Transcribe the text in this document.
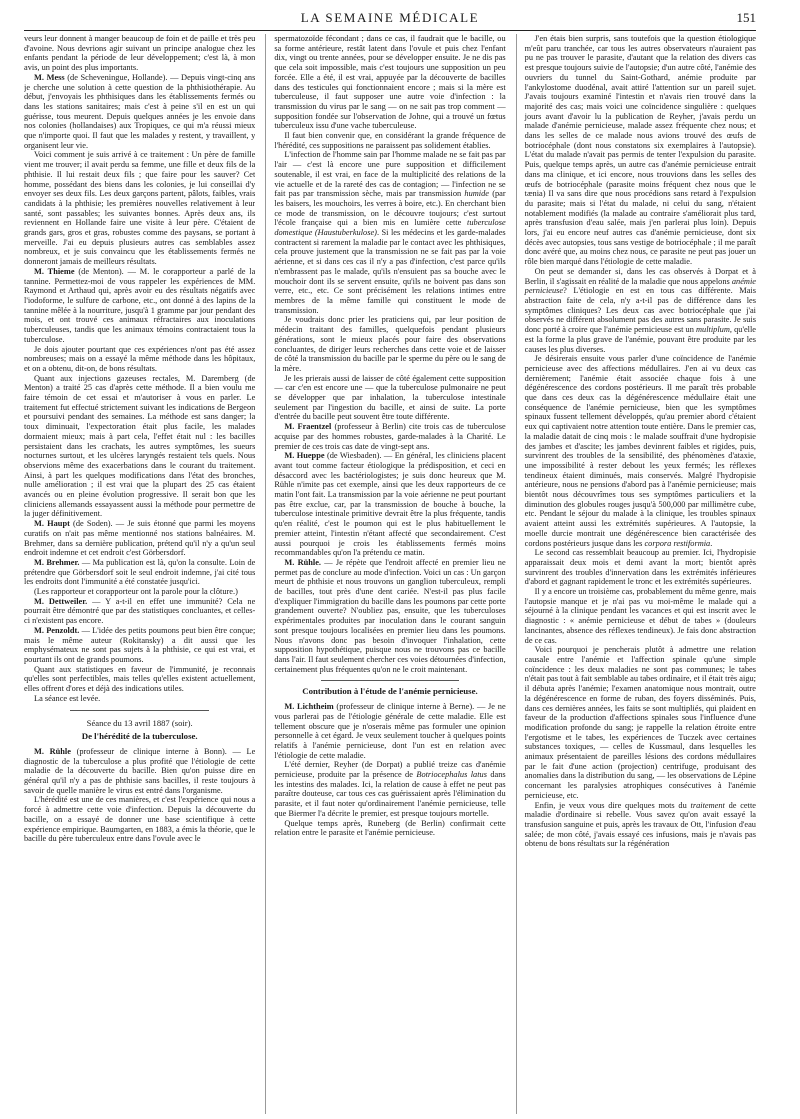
LA SEMAINE MÉDICALE	151

veurs leur donnent à manger beaucoup de foin et de paille et très peu d'avoine. Nous devrions agir suivant un principe analogue chez les enfants pendant la période de leur développement; c'est là, à mon avis, un point des plus importants.

M. Mess (de Scheveningue, Hollande). — Depuis vingt-cinq ans je cherche une solution à cette question de la phthisiothérapie. Au début, j'envoyais les phthisiques dans les établissements fermés ou dans les stations sanitaires; mais c'est à peine s'il en est un qui guérisse, tous meurent. Depuis quelques années je les envoie dans nos colonies (hollandaises) aux Tropiques, ce qui m'a réussi mieux que n'importe quoi. Il faut que les malades y restent, y travaillent, y organisent leur vie.

Voici comment je suis arrivé à ce traitement : Un père de famille vient me trouver; il avait perdu sa femme, une fille et deux fils de la phthisie. Il lui restait deux fils ; que faire pour les sauver? Cet homme, possédant des biens dans les colonies, je lui conseillai d'y envoyer ses deux fils. Les deux garçons partent, pâlots, faibles, vrais candidats à la phthisie; les premières nouvelles relativement à leur santé, sont passables; les suivantes bonnes. Après deux ans, ils reviennent en Hollande faire une visite à leur père. C'étaient de grands gars, gros et gras, robustes comme des paysans, se portant à merveille. J'ai eu depuis plusieurs autres cas semblables assez nombreux, et je suis convaincu que les établissements fermés ne donneront jamais de meilleurs résultats.

M. Thieme (de Menton). — M. le corapporteur a parlé de la tannine. Permettez-moi de vous rappeler les expériences de MM. Raymond et Arthaud qui, après avoir eu des résultats négatifs avec l'iodoforme, le sulfure de carbone, etc., ont donné à des lapins de la tannine mêlée à la nourriture, jusqu'à 1 gramme par jour pendant des mois, et ont trouvé ces animaux réfractaires aux inoculations tuberculeuses, tandis que les animaux témoins contractaient tous la tuberculose.

Je dois ajouter pourtant que ces expériences n'ont pas été assez nombreuses; mais on a essayé la même méthode dans les hôpitaux, et on a obtenu, dit-on, de bons résultats.

Quant aux injections gazeuses rectales, M. Daremberg (de Menton) a traité 25 cas d'après cette méthode. Il a bien voulu me faire témoin de cet essai et m'autoriser à vous en parler. Le traitement fut effectué strictement suivant les indications de Bergeon et poursuivi pendant des semaines. La méthode est sans danger; la toux diminuait, l'expectoration était plus facile, les malades dormaient mieux; mais à part cela, l'effet était nul : les bacilles persistaient dans les crachats, les autres symptômes, les sueurs nocturnes surtout, et les ulcères laryngés restaient tels quels. Nous observions même des exacerbations dans le courant du traitement. Ainsi, à part les quelques modifications dans l'état des bronches, nulle amélioration ; il est vrai que la plupart des 25 cas étaient avancés ou en pleine évolution progressive. Il serait bon que les cliniciens allemands essayassent aussi la méthode pour permettre de la juger définitivement.

M. Haupt (de Soden). — Je suis étonné que parmi les moyens curatifs on n'ait pas même mentionné nos stations balnéaires. M. Brehmer, dans sa dernière publication, prétend qu'il n'y a qu'un seul endroit indemne et cet endroit c'est Görbersdorf.

M. Brehmer. — Ma publication est là, qu'on la consulte. Loin de prétendre que Görbersdorf soit le seul endroit indemne, j'ai cité tous les endroits dont l'immunité a été constatée jusqu'ici.

(Les rapporteur et corapporteur ont la parole pour la clôture.)

M. Dettweiler. — Y a-t-il en effet une immunité? Cela ne pourrait être démontré que par des statistiques concluantes, et celles-ci n'existent pas encore.

M. Penzoldt. — L'idée des petits poumons peut bien être conçue; mais le même auteur (Rokitansky) a dit aussi que les emphysémateux ne sont pas sujets à la phthisie, ce qui est vrai, et pourtant ils ont de grands poumons.

Quant aux statistiques en faveur de l'immunité, je reconnais qu'elles sont perfectibles, mais telles qu'elles existent actuellement, elles offrent d'ores et déjà des indications utiles.

La séance est levée.

Séance du 13 avril 1887 (soir).
De l'hérédité de la tuberculose.

M. Rühle (professeur de clinique interne à Bonn). — Le diagnostic de la tuberculose a plus profité que l'étiologie de cette maladie de la découverte du bacille. Bien qu'on puisse dire en général qu'il n'y a pas de phthisie sans bacilles, il reste toujours à savoir de quelle manière le virus est entré dans l'organisme.

L'hérédité est une de ces manières, et c'est l'expérience qui nous a forcé à admettre cette voie d'infection. Depuis la découverte du bacille, on a essayé de donner une base scientifique à cette expérience empirique. Baumgarten, en 1883, a émis la théorie, que le bacille du père tuberculeux entre dans l'ovule avec le

spermatozoïde fécondant ; dans ce cas, il faudrait que le bacille, ou sa forme antérieure, restât latent dans l'ovule et puis chez l'enfant dix, vingt ou trente années, pour se développer ensuite. Je ne dis pas que cela soit impossible, mais c'est toujours une supposition un peu forcée. Elle a été, il est vrai, appuyée par la découverte de bacilles dans des testicules qui fonctionnaient encore ; mais si la mère est tuberculeuse, il faut supposer une autre voie d'infection : la transmission du virus par le sang — on ne sait pas trop comment — supposition fondée sur l'observation de Johne, qui a trouvé un fœtus tuberculeux issu d'une vache tuberculeuse.

Il faut bien convenir que, en considérant la grande fréquence de l'hérédité, ces suppositions ne paraissent pas solidement établies.

L'infection de l'homme sain par l'homme malade ne se fait pas par l'air — c'est là encore une pure supposition et difficilement soutenable, il est vrai, en face de la multiplicité des relations de la vie actuelle et de la rareté des cas de contagion; — l'infection ne se fait pas par transmission sèche, mais par transmission humide (par les baisers, les mouchoirs, les verres à boire, etc.). En cherchant bien ce mode de transmission, on le découvre toujours; c'est surtout l'école française qui a bien mis en lumière cette tuberculose domestique (Haustuberkulose). Si les médecins et les garde-malades contractent si rarement la maladie par le contact avec les phthisiques, cela prouve justement que la transmission ne se fait pas par la voie aérienne, et si dans ces cas il n'y a pas d'infection, c'est parce qu'ils n'embrassent pas le malade, qu'ils n'ensuient pas sa bouche avec le mouchoir dont ils se servent ensuite, qu'ils ne boivent pas dans son verre, etc., etc. Ce sont précisément les relations intimes entre membres de la même famille qui constituent le mode de transmission.

Je voudrais donc prier les praticiens qui, par leur position de médecin traitant des familles, quelquefois pendant plusieurs générations, sont le mieux placés pour faire des observations concluantes, de diriger leurs recherches dans cette voie et de laisser de côté la transmission du bacille par le sperme du père ou le sang de la mère.

Je les prierais aussi de laisser de côté également cette supposition — car c'en est encore une — que la tuberculose pulmonaire ne peut se développer que par inhalation, la tuberculose intestinale seulement par l'ingestion du bacille, et ainsi de suite. La porte d'entrée du bacille peut souvent être toute différente.

M. Fraentzel (professeur à Berlin) cite trois cas de tuberculose acquise par des hommes robustes, garde-malades à la Charité. Le premier de ces trois cas date de vingt-sept ans.

M. Hueppe (de Wiesbaden). — En général, les cliniciens placent avant tout comme facteur étiologique la prédisposition, et ceci en désaccord avec les bactériologistes; je suis donc heureux que M. Rühle n'imite pas cet exemple, ainsi que les deux rapporteurs de ce matin l'ont fait. La transmission par la voie aérienne ne peut pourtant pas être exclue, car, par la transmission de bouche à bouche, la tuberculose intestinale primitive devrait être la plus fréquente, tandis qu'en réalité, c'est le poumon qui est le plus habituellement le premier atteint, l'intestin n'étant affecté que secondairement. C'est aussi pourquoi je crois les établissements fermés moins recommandables qu'on l'a prétendu ce matin.

M. Rühle. — Je répète que l'endroit affecté en premier lieu ne permet pas de conclure au mode d'infection. Voici un cas : Un garçon meurt de phthisie et nous trouvons un ganglion tuberculeux, rempli de bacilles, tout près d'une dent cariée. N'est-il pas plus facile d'expliquer l'immigration du bacille dans les poumons par cette porte grandement ouverte? N'oubliez pas, ensuite, que les tuberculoses expérimentales produites par inoculation dans le courant sanguin sont presque toujours localisées en premier lieu dans les poumons. Nous n'avons donc pas besoin d'invoquer l'inhalation, cette supposition hypothétique, puisque nous ne trouvons pas ce bacille dans l'air. Il faut seulement chercher ces voies détournées d'infection, certainement plus fréquentes qu'on ne le croit maintenant.

Contribution à l'étude de l'anémie pernicieuse.

M. Lichtheim (professeur de clinique interne à Berne). — Je ne vous parlerai pas de l'étiologie générale de cette maladie. Elle est tellement obscure que je n'oserais même pas formuler une opinion personnelle à cet égard. Je veux seulement toucher à quelques points relatifs à l'anémie pernicieuse, dont l'un est en relation avec l'étiologie de cette maladie.

L'été dernier, Reyher (de Dorpat) a publié treize cas d'anémie pernicieuse, produite par la présence de Botriocephalus latus dans les intestins des malades. Ici, la relation de cause à effet ne peut pas paraître douteuse, car tous ces cas guérissaient après l'élimination du parasite, et il faut noter qu'ordinairement l'anémie pernicieuse, telle que Biermer l'a décrite le premier, est presque toujours mortelle.

Quelque temps après, Runeberg (de Berlin) confirmait cette relation entre le parasite et l'anémie pernicieuse.

J'en étais bien surpris, sans toutefois que la question étiologique m'eût paru tranchée, car tous les autres observateurs n'auraient pas pu ne pas trouver le parasite, d'autant que la relation des divers cas est presque toujours suivie de l'autopsie; d'un autre côté, l'anémie des ouvriers du tunnel du Saint-Gothard, anémie produite par l'ankylostome duodénal, avait attiré l'attention sur un pareil sujet. J'avais toujours examiné l'intestin et n'avais rien trouvé dans la majorité des cas; mais voici une coïncidence singulière : quelques jours avant d'avoir lu la publication de Reyher, j'avais perdu un malade d'anémie pernicieuse, malade assez fréquente chez nous; et dans les selles de ce malade nous avions trouvé des œufs de botriocéphale (dont nous constatons six exemplaires à l'autopsie). L'état du malade n'avait pas permis de tenter l'expulsion du parasite. Puis, quelque temps après, un autre cas d'anémie pernicieuse entrait dans ma clinique, et ici encore, nous trouvions dans les selles des œufs de botriocéphale (parasite moins fréquent chez nous que le tænia) Il va sans dire que nous procédions sans retard à l'expulsion du parasite; mais si l'état du malade, ni celui du sang, n'étaient notablement modifiés (la malade au contraire s'améliorait plus tard, après transfusion d'eau salée, mais j'en parlerai plus loin). Depuis lors, j'ai eu encore neuf autres cas d'anémie pernicieuse, dont six décès avec autopsies, tous sans vestige de botriocéphale ; il me paraît donc avéré que, au moins chez nous, ce parasite ne peut pas jouer un rôle bien marqué dans l'étiologie de cette maladie.

On peut se demander si, dans les cas observés à Dorpat et à Berlin, il s'agissait en réalité de la maladie que nous appelons anémie pernicieuse? L'étiologie en est en tous cas différente. Mais abstraction faite de cela, n'y a-t-il pas de différence dans les symptômes cliniques? Les deux cas avec botriocéphale que j'ai observés ne différent absolument pas des autres sans parasite. Je suis donc porté à croire que l'anémie pernicieuse est un multiplum, qu'elle est la forme la plus grave de l'anémie, pouvant être produite par les causes les plus diverses.

Je désirerais ensuite vous parler d'une coïncidence de l'anémie pernicieuse avec des affections médullaires. J'en ai vu deux cas dernièrement; l'anémie était associée chaque fois à une dégénérescence des cordons postérieurs. Il me paraît très probable que dans ces deux cas la dégénérescence médullaire était une conséquence de l'anémie pernicieuse, bien que les symptômes spinaux fussent tellement développés, qu'au premier abord c'étaient eux qui captivaient notre attention toute entière. Dans le premier cas, la maladie datait de cinq mois : le malade souffrait d'une hydropisie des jambes et d'ascite; les jambes devinrent faibles et rigides, puis, survinrent des troubles de la sensibilité, des phénomènes d'ataxie, une impossibilité à rester debout les yeux fermés; les réflexes tendineux étaient diminués, mais conservés. Malgré l'hydropisie antérieure, nous ne pensions d'abord pas à l'anémie pernicieuse; mais bientôt nous découvrîmes tous ses symptômes particuliers et la diminution des globules rouges jusqu'à 500,000 par millimètre cube, etc. Pendant le séjour du malade à la clinique, les troubles spinaux avaient atteint aussi les extrémités supérieures. A l'autopsie, la moelle durcie montrait une dégénérescence bien caractérisée des cordons postérieurs jusque dans les corpora restiformia.

Le second cas ressemblait beaucoup au premier. Ici, l'hydropisie apparaissait deux mois et demi avant la mort; bientôt après survinrent des troubles d'innervation dans les extrémités inférieures d'abord et gagnant rapidement le tronc et les extrémités supérieures.

Il y a encore un troisième cas, probablement du même genre, mais l'autopsie manque et je n'ai pas vu moi-même le malade qui a séjourné à la clinique pendant les vacances et qui est inscrit avec le diagnostic : « anémie pernicieuse et début de tabes » (douleurs lancinantes, absence des réflexes tendineux). Je fais donc abstraction de ce cas.

Voici pourquoi je pencherais plutôt à admettre une relation causale entre l'anémie et l'affection spinale qu'une simple coïncidence : les deux maladies ne sont pas communes; le tabes n'était pas tout à fait semblable au tabes ordinaire, et il était très aigu; il débuta après l'anémie; l'examen anatomique nous montrait, outre la dégénérescence en forme de ruban, des foyers disséminés. Puis, dans ces dernières années, les faits se sont multipliés, qui plaident en faveur de la production d'affections spinales sous l'influence d'une modification profonde du sang; je rappelle la relation étroite entre l'ergotisme et le tabes, les expériences de Tuczek avec certaines substances toxiques, — celles de Kussmaul, dans lesquelles les animaux présentaient de pareilles lésions des cordons médullaires par le fait d'une action (projection) centrifuge, produisant des anomalies dans la distribution du sang, — les observations de Lépine concernant les paralysies atrophiques consécutives à l'anémie pernicieuse, etc.

Enfin, je veux vous dire quelques mots du traitement de cette maladie d'ordinaire si rebelle. Vous savez qu'on avait essayé la transfusion sanguine et puis, après les travaux de Ott, l'infusion d'eau salée; de mon côté, j'avais essayé ces infusions, mais je n'avais pas obtenu de bons résultats sur la régénération
